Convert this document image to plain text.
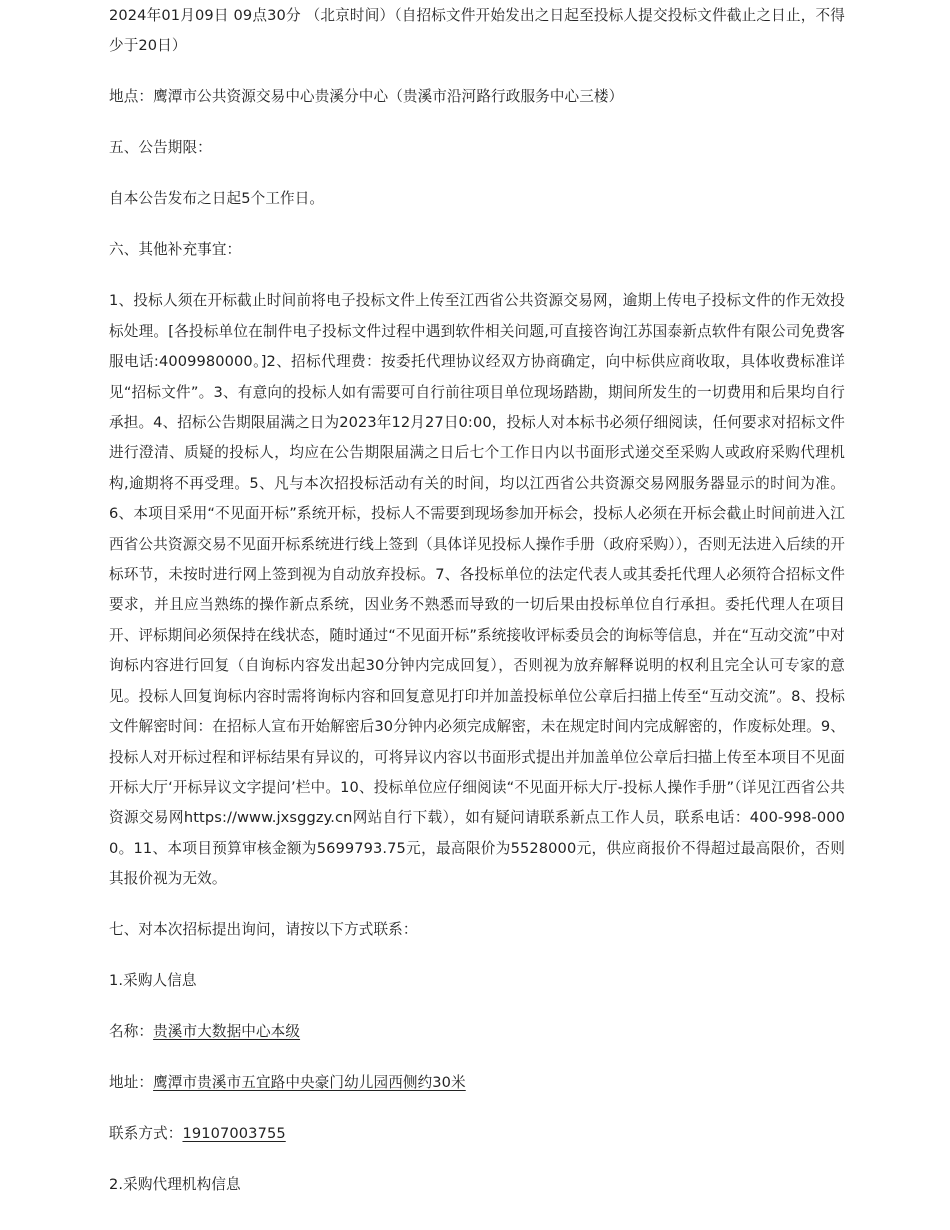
2024年01月09日 09点30分 （北京时间）（自招标文件开始发出之日起至投标人提交投标文件截止之日止，不得少于20日）

地点：鹰潭市公共资源交易中心贵溪分中心（贵溪市沿河路行政服务中心三楼）

五、公告期限：

自本公告发布之日起5个工作日。

六、其他补充事宜：

1、投标人须在开标截止时间前将电子投标文件上传至江西省公共资源交易网，逾期上传电子投标文件的作无效投标处理。[各投标单位在制件电子投标文件过程中遇到软件相关问题,可直接咨询江苏国泰新点软件有限公司免费客服电话:4009980000。]2、招标代理费：按委托代理协议经双方协商确定，向中标供应商收取，具体收费标准详见“招标文件”。3、有意向的投标人如有需要可自行前往项目单位现场踏勘，期间所发生的一切费用和后果均自行承担。4、招标公告期限届满之日为2023年12月27日0:00，投标人对本标书必须仔细阅读，任何要求对招标文件进行澄清、质疑的投标人，均应在公告期限届满之日后七个工作日内以书面形式递交至采购人或政府采购代理机构,逾期将不再受理。5、凡与本次招投标活动有关的时间，均以江西省公共资源交易网服务器显示的时间为准。6、本项目采用“不见面开标”系统开标，投标人不需要到现场参加开标会，投标人必须在开标会截止时间前进入江西省公共资源交易不见面开标系统进行线上签到（具体详见投标人操作手册（政府采购）），否则无法进入后续的开标环节，未按时进行网上签到视为自动放弃投标。7、各投标单位的法定代表人或其委托代理人必须符合招标文件要求，并且应当熟练的操作新点系统，因业务不熟悉而导致的一切后果由投标单位自行承担。委托代理人在项目开、评标期间必须保持在线状态，随时通过“不见面开标”系统接收评标委员会的询标等信息，并在“互动交流”中对询标内容进行回复（自询标内容发出起30分钟内完成回复），否则视为放弃解释说明的权利且完全认可专家的意见。投标人回复询标内容时需将询标内容和回复意见打印并加盖投标单位公章后扫描上传至“互动交流”。8、投标文件解密时间：在招标人宣布开始解密后30分钟内必须完成解密，未在规定时间内完成解密的，作废标处理。9、投标人对开标过程和评标结果有异议的，可将异议内容以书面形式提出并加盖单位公章后扫描上传至本项目不见面开标大厅‘开标异议文字提问’栏中。10、投标单位应仔细阅读“不见面开标大厅-投标人操作手册”（详见江西省公共资源交易网https://www.jxsggzy.cn网站自行下载），如有疑问请联系新点工作人员，联系电话：400-998-0000。11、本项目预算审核金额为5699793.75元，最高限价为5528000元，供应商报价不得超过最高限价，否则其报价视为无效。

七、对本次招标提出询问，请按以下方式联系：

1.采购人信息

名称：贵溪市大数据中心本级

地址：鹰潭市贵溪市五宜路中央豪门幼儿园西侧约30米

联系方式：19107003755

2.采购代理机构信息
